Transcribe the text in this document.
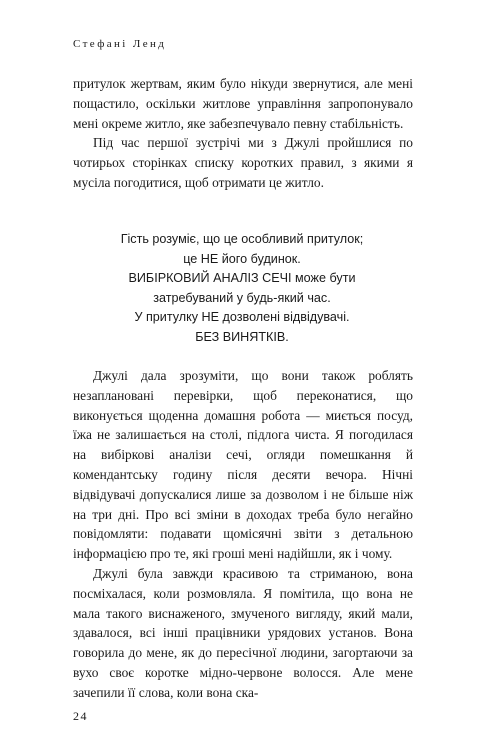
Стефані Ленд

притулок жертвам, яким було нікуди звернутися, але мені пощастило, оскільки житлове управління запропонувало мені окреме житло, яке забезпечувало певну стабільність.

Під час першої зустрічі ми з Джулі пройшлися по чотирьох сторінках списку коротких правил, з якими я мусіла погодитися, щоб отримати це житло.

Гість розуміє, що це особливий притулок;
це НЕ його будинок.
ВИБІРКОВИЙ АНАЛІЗ СЕЧІ може бути
затребуваний у будь-який час.
У притулку НЕ дозволені відвідувачі.
БЕЗ ВИНЯТКІВ.

Джулі дала зрозуміти, що вони також роблять незаплановані перевірки, щоб переконатися, що виконується щоденна домашня робота — миється посуд, їжа не залишається на столі, підлога чиста. Я погодилася на вибіркові аналізи сечі, огляди помешкання й комендантську годину після десяти вечора. Нічні відвідувачі допускалися лише за дозволом і не більше ніж на три дні. Про всі зміни в доходах треба було негайно повідомляти: подавати щомісячні звіти з детальною інформацією про те, які гроші мені надійшли, як і чому.

Джулі була завжди красивою та стриманою, вона посміхалася, коли розмовляла. Я помітила, що вона не мала такого виснаженого, змученого вигляду, який мали, здавалося, всі інші працівники урядових установ. Вона говорила до мене, як до пересічної людини, загортаючи за вухо своє коротке мідно-червоне волосся. Але мене зачепили її слова, коли вона ска-

24
